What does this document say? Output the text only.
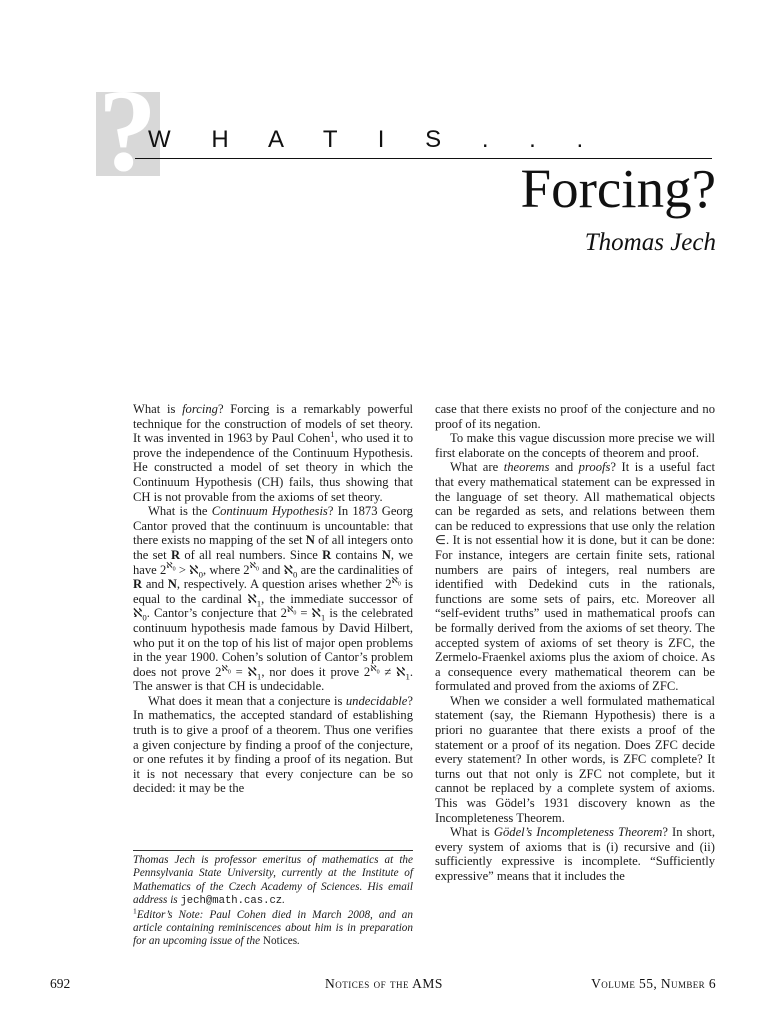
?
W H A T I S . . .
Forcing?
Thomas Jech

What is forcing? Forcing is a remarkably powerful technique for the construction of models of set theory. It was invented in 1963 by Paul Cohen$^1$, who used it to prove the independence of the Continuum Hypothesis. He constructed a model of set theory in which the Continuum Hypothesis (CH) fails, thus showing that CH is not provable from the axioms of set theory.

What is the Continuum Hypothesis? In 1873 Georg Cantor proved that the continuum is uncountable: that there exists no mapping of the set N of all integers onto the set R of all real numbers. Since R contains N, we have $2^{ℵ_0}$ > ℵ$_0$, where $2^{ℵ_0}$ and ℵ$_0$ are the cardinalities of R and N, respectively. A question arises whether $2^{ℵ_0}$ is equal to the cardinal ℵ$_1$, the immediate successor of ℵ$_0$. Cantor’s conjecture that $2^{ℵ_0}$ = ℵ$_1$ is the celebrated continuum hypothesis made famous by David Hilbert, who put it on the top of his list of major open problems in the year 1900. Cohen’s solution of Cantor’s problem does not prove $2^{ℵ_0}$ = ℵ$_1$, nor does it prove $2^{ℵ_0}$ ≠ ℵ$_1$. The answer is that CH is undecidable.

What does it mean that a conjecture is undecidable? In mathematics, the accepted standard of establishing truth is to give a proof of a theorem. Thus one verifies a given conjecture by finding a proof of the conjecture, or one refutes it by finding a proof of its negation. But it is not necessary that every conjecture can be so decided: it may be the

Thomas Jech is professor emeritus of mathematics at the Pennsylvania State University, currently at the Institute of Mathematics of the Czech Academy of Sciences. His email address is jech@math.cas.cz.

$^1$Editor’s Note: Paul Cohen died in March 2008, and an article containing reminiscences about him is in preparation for an upcoming issue of the Notices.

case that there exists no proof of the conjecture and no proof of its negation.

To make this vague discussion more precise we will first elaborate on the concepts of theorem and proof.

What are theorems and proofs? It is a useful fact that every mathematical statement can be expressed in the language of set theory. All mathematical objects can be regarded as sets, and relations between them can be reduced to expressions that use only the relation ∈. It is not essential how it is done, but it can be done: For instance, integers are certain finite sets, rational numbers are pairs of integers, real numbers are identified with Dedekind cuts in the rationals, functions are some sets of pairs, etc. Moreover all “self-evident truths” used in mathematical proofs can be formally derived from the axioms of set theory. The accepted system of axioms of set theory is ZFC, the Zermelo-Fraenkel axioms plus the axiom of choice. As a consequence every mathematical theorem can be formulated and proved from the axioms of ZFC.

When we consider a well formulated mathematical statement (say, the Riemann Hypothesis) there is a priori no guarantee that there exists a proof of the statement or a proof of its negation. Does ZFC decide every statement? In other words, is ZFC complete? It turns out that not only is ZFC not complete, but it cannot be replaced by a complete system of axioms. This was Gödel’s 1931 discovery known as the Incompleteness Theorem.

What is Gödel’s Incompleteness Theorem? In short, every system of axioms that is (i) recursive and (ii) sufficiently expressive is incomplete. “Sufficiently expressive” means that it includes the

692	Notices of the AMS	Volume 55, Number 6
